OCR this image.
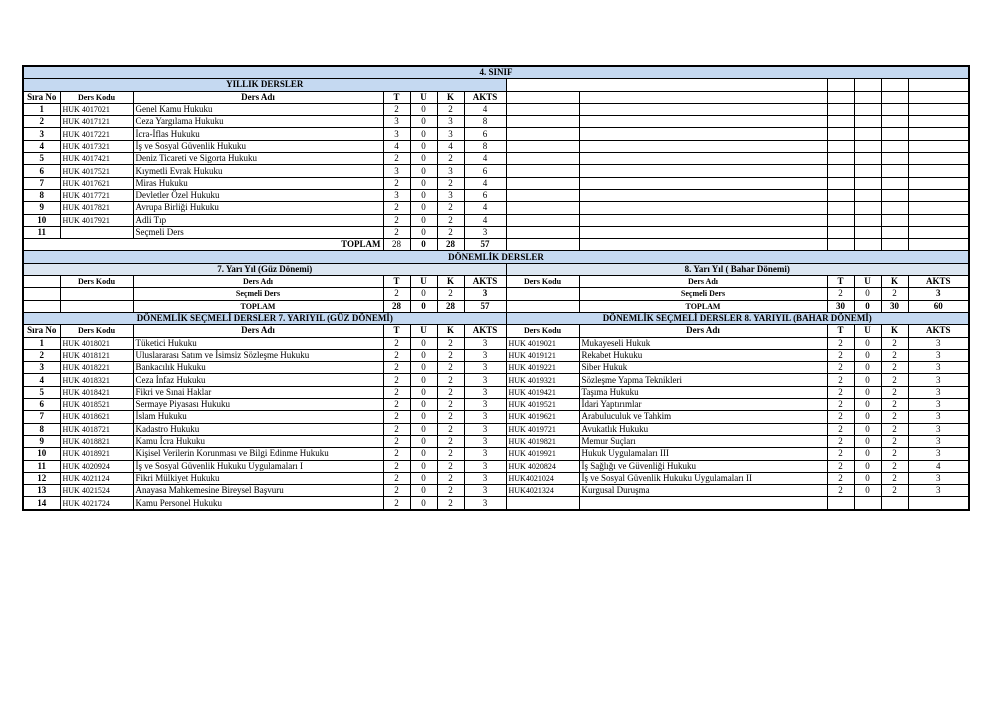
4. SINIF												
YILLIK DERSLER												
Sıra No	Ders Kodu	Ders Adı	T	U	K	AKTS						
1	HUK 4017021	Genel Kamu Hukuku	2	0	2	4						
2	HUK 4017121	Ceza Yargılama Hukuku	3	0	3	8						
3	HUK 4017221	İcra-İflas Hukuku	3	0	3	6						
4	HUK 4017321	İş ve Sosyal Güvenlik Hukuku	4	0	4	8						
5	HUK 4017421	Deniz Ticareti ve Sigorta Hukuku	2	0	2	4						
6	HUK 4017521	Kıymetli Evrak Hukuku	3	0	3	6						
7	HUK 4017621	Miras Hukuku	2	0	2	4						
8	HUK 4017721	Devletler Özel Hukuku	3	0	3	6						
9	HUK 4017821	Avrupa Birliği Hukuku	2	0	2	4						
10	HUK 4017921	Adli Tıp	2	0	2	4						
11		Seçmeli Ders	2	0	2	3						
TOPLAM			28	0	28	57						
DÖNEMLİK DERSLER												
7. Yarı Yıl (Güz Dönemi)							8. Yarı Yıl ( Bahar Dönemi)					
	Ders Kodu	Ders Adı	T	U	K	AKTS	Ders Kodu	Ders Adı	T	U	K	AKTS
		Seçmeli Ders	2	0	2	3		Seçmeli Ders	2	0	2	3
		TOPLAM	28	0	28	57		TOPLAM	30	0	30	60
DÖNEMLİK SEÇMELİ DERSLER 7. YARIYIL (GÜZ DÖNEMİ)							DÖNEMLİK SEÇMELİ DERSLER 8. YARIYIL (BAHAR DÖNEMİ)					
Sıra No	Ders Kodu	Ders Adı	T	U	K	AKTS	Ders Kodu	Ders Adı	T	U	K	AKTS
1	HUK 4018021	Tüketici Hukuku	2	0	2	3	HUK 4019021	Mukayeseli Hukuk	2	0	2	3
2	HUK 4018121	Uluslararası Satım ve İsimsiz Sözleşme Hukuku	2	0	2	3	HUK 4019121	Rekabet Hukuku	2	0	2	3
3	HUK 4018221	Bankacılık Hukuku	2	0	2	3	HUK 4019221	Siber Hukuk	2	0	2	3
4	HUK 4018321	Ceza İnfaz Hukuku	2	0	2	3	HUK 4019321	Sözleşme Yapma Teknikleri	2	0	2	3
5	HUK 4018421	Fikri ve Sınai Haklar	2	0	2	3	HUK 4019421	Taşıma Hukuku	2	0	2	3
6	HUK 4018521	Sermaye Piyasası Hukuku	2	0	2	3	HUK 4019521	İdari Yaptırımlar	2	0	2	3
7	HUK 4018621	İslam Hukuku	2	0	2	3	HUK 4019621	Arabuluculuk ve Tahkim	2	0	2	3
8	HUK 4018721	Kadastro Hukuku	2	0	2	3	HUK 4019721	Avukatlık Hukuku	2	0	2	3
9	HUK 4018821	Kamu İcra Hukuku	2	0	2	3	HUK 4019821	Memur Suçları	2	0	2	3
10	HUK 4018921	Kişisel Verilerin Korunması ve Bilgi Edinme Hukuku	2	0	2	3	HUK 4019921	Hukuk Uygulamaları III	2	0	2	3
11	HUK 4020924	İş ve Sosyal Güvenlik Hukuku Uygulamaları I	2	0	2	3	HUK 4020824	İş Sağlığı ve Güvenliği Hukuku	2	0	2	4
12	HUK 4021124	Fikri Mülkiyet Hukuku	2	0	2	3	HUK4021024	İş ve Sosyal Güvenlik Hukuku Uygulamaları II	2	0	2	3
13	HUK 4021524	Anayasa Mahkemesine Bireysel Başvuru	2	0	2	3	HUK4021324	Kurgusal Duruşma	2	0	2	3
14	HUK 4021724	Kamu Personel Hukuku	2	0	2	3						
